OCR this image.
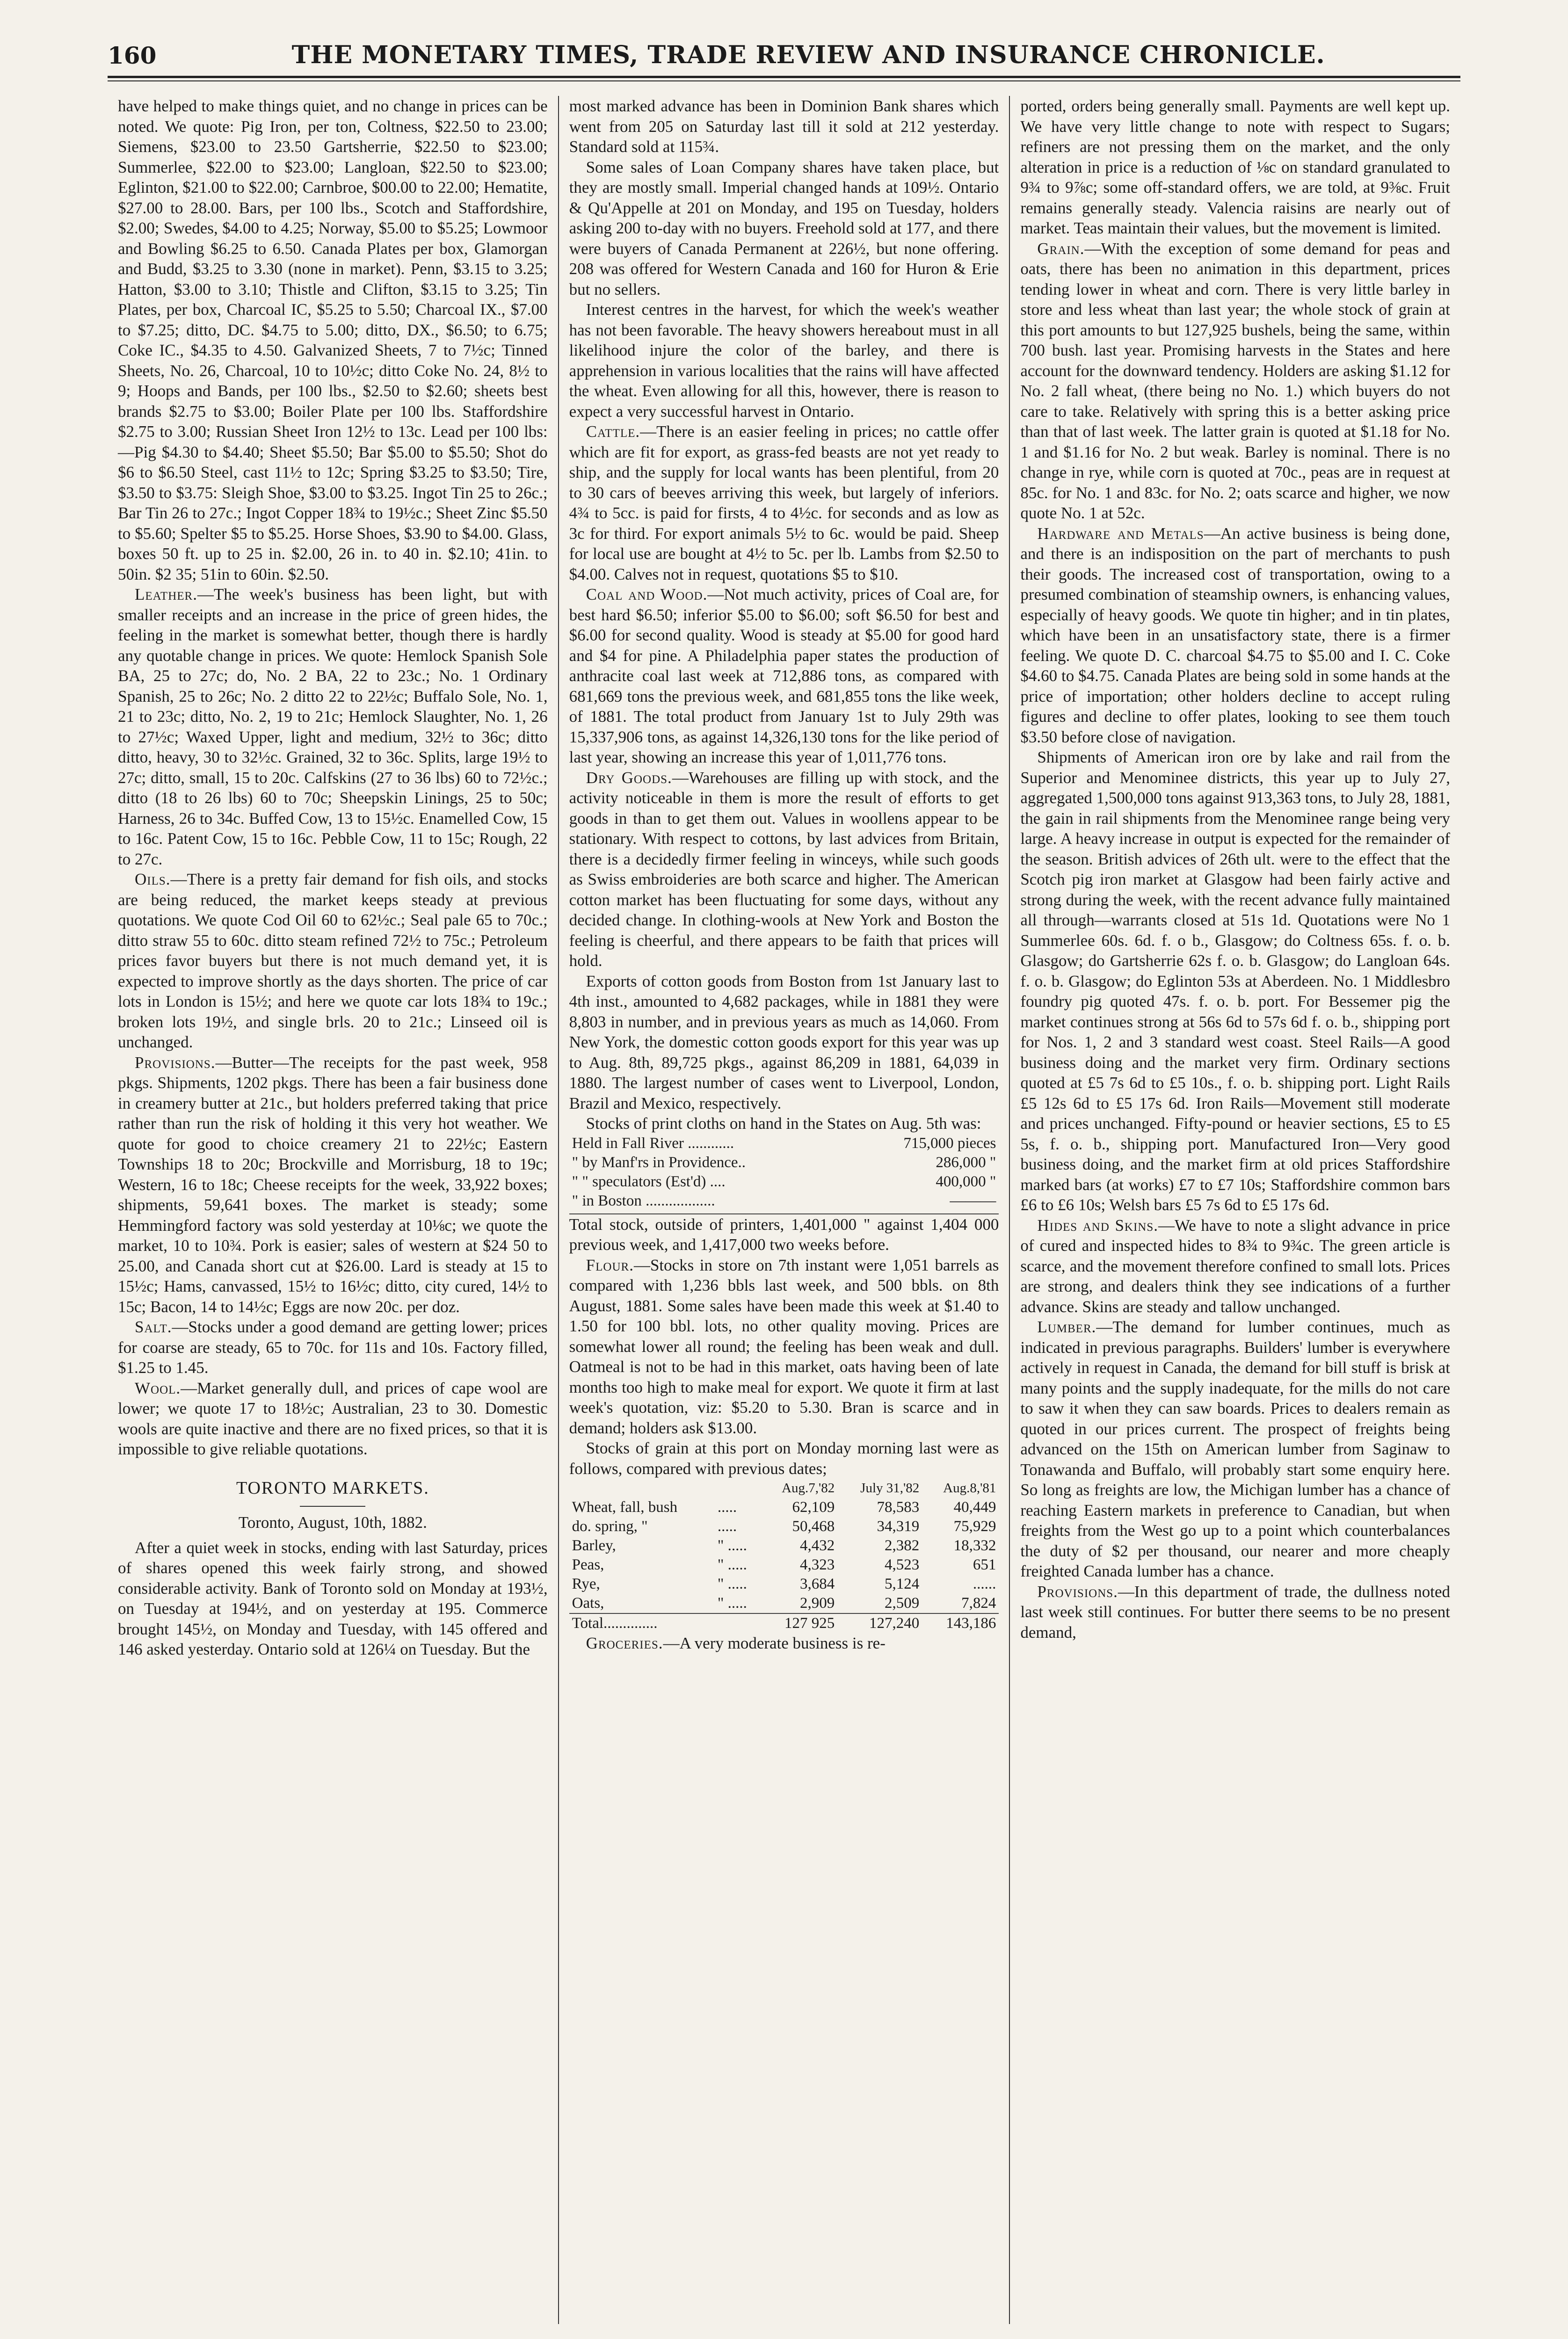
160	THE MONETARY TIMES, TRADE REVIEW AND INSURANCE CHRONICLE.

have helped to make things quiet, and no change in prices can be noted. We quote: Pig Iron, per ton, Coltness, $22.50 to 23.00; Siemens, $23.00 to 23.50 Gartsherrie, $22.50 to $23.00; Summerlee, $22.00 to $23.00; Langloan, $22.50 to $23.00; Eglinton, $21.00 to $22.00; Carnbroe, $00.00 to 22.00; Hematite, $27.00 to 28.00. Bars, per 100 lbs., Scotch and Staffordshire, $2.00; Swedes, $4.00 to 4.25; Norway, $5.00 to $5.25; Lowmoor and Bowling $6.25 to 6.50. Canada Plates per box, Glamorgan and Budd, $3.25 to 3.30 (none in market). Penn, $3.15 to 3.25; Hatton, $3.00 to 3.10; Thistle and Clifton, $3.15 to 3.25; Tin Plates, per box, Charcoal IC, $5.25 to 5.50; Charcoal IX., $7.00 to $7.25; ditto, DC. $4.75 to 5.00; ditto, DX., $6.50; to 6.75; Coke IC., $4.35 to 4.50. Galvanized Sheets, 7 to 7½c; Tinned Sheets, No. 26, Charcoal, 10 to 10½c; ditto Coke No. 24, 8½ to 9; Hoops and Bands, per 100 lbs., $2.50 to $2.60; sheets best brands $2.75 to $3.00; Boiler Plate per 100 lbs. Staffordshire $2.75 to 3.00; Russian Sheet Iron 12½ to 13c. Lead per 100 lbs:—Pig $4.30 to $4.40; Sheet $5.50; Bar $5.00 to $5.50; Shot do $6 to $6.50 Steel, cast 11½ to 12c; Spring $3.25 to $3.50; Tire, $3.50 to $3.75: Sleigh Shoe, $3.00 to $3.25. Ingot Tin 25 to 26c.; Bar Tin 26 to 27c.; Ingot Copper 18¾ to 19½c.; Sheet Zinc $5.50 to $5.60; Spelter $5 to $5.25. Horse Shoes, $3.90 to $4.00. Glass, boxes 50 ft. up to 25 in. $2.00, 26 in. to 40 in. $2.10; 41in. to 50in. $2 35; 51in to 60in. $2.50.

Leather.—The week's business has been light, but with smaller receipts and an increase in the price of green hides, the feeling in the market is somewhat better, though there is hardly any quotable change in prices. We quote: Hemlock Spanish Sole BA, 25 to 27c; do, No. 2 BA, 22 to 23c.; No. 1 Ordinary Spanish, 25 to 26c; No. 2 ditto 22 to 22½c; Buffalo Sole, No. 1, 21 to 23c; ditto, No. 2, 19 to 21c; Hemlock Slaughter, No. 1, 26 to 27½c; Waxed Upper, light and medium, 32½ to 36c; ditto ditto, heavy, 30 to 32½c. Grained, 32 to 36c. Splits, large 19½ to 27c; ditto, small, 15 to 20c. Calfskins (27 to 36 lbs) 60 to 72½c.; ditto (18 to 26 lbs) 60 to 70c; Sheepskin Linings, 25 to 50c; Harness, 26 to 34c. Buffed Cow, 13 to 15½c. Enamelled Cow, 15 to 16c. Patent Cow, 15 to 16c. Pebble Cow, 11 to 15c; Rough, 22 to 27c.

Oils.—There is a pretty fair demand for fish oils, and stocks are being reduced, the market keeps steady at previous quotations. We quote Cod Oil 60 to 62½c.; Seal pale 65 to 70c.; ditto straw 55 to 60c. ditto steam refined 72½ to 75c.; Petroleum prices favor buyers but there is not much demand yet, it is expected to improve shortly as the days shorten. The price of car lots in London is 15½; and here we quote car lots 18¾ to 19c.; broken lots 19½, and single brls. 20 to 21c.; Linseed oil is unchanged.

Provisions.—Butter—The receipts for the past week, 958 pkgs. Shipments, 1202 pkgs. There has been a fair business done in creamery butter at 21c., but holders preferred taking that price rather than run the risk of holding it this very hot weather. We quote for good to choice creamery 21 to 22½c; Eastern Townships 18 to 20c; Brockville and Morrisburg, 18 to 19c; Western, 16 to 18c; Cheese receipts for the week, 33,922 boxes; shipments, 59,641 boxes. The market is steady; some Hemmingford factory was sold yesterday at 10⅛c; we quote the market, 10 to 10¾. Pork is easier; sales of western at $24 50 to 25.00, and Canada short cut at $26.00. Lard is steady at 15 to 15½c; Hams, canvassed, 15½ to 16½c; ditto, city cured, 14½ to 15c; Bacon, 14 to 14½c; Eggs are now 20c. per doz.

Salt.—Stocks under a good demand are getting lower; prices for coarse are steady, 65 to 70c. for 11s and 10s. Factory filled, $1.25 to 1.45.

Wool.—Market generally dull, and prices of cape wool are lower; we quote 17 to 18½c; Australian, 23 to 30. Domestic wools are quite inactive and there are no fixed prices, so that it is impossible to give reliable quotations.

TORONTO MARKETS.
Toronto, August, 10th, 1882.

After a quiet week in stocks, ending with last Saturday, prices of shares opened this week fairly strong, and showed considerable activity. Bank of Toronto sold on Monday at 193½, on Tuesday at 194½, and on yesterday at 195. Commerce brought 145½, on Monday and Tuesday, with 145 offered and 146 asked yesterday. Ontario sold at 126¼ on Tuesday. But the

most marked advance has been in Dominion Bank shares which went from 205 on Saturday last till it sold at 212 yesterday. Standard sold at 115¾.

Some sales of Loan Company shares have taken place, but they are mostly small. Imperial changed hands at 109½. Ontario & Qu'Appelle at 201 on Monday, and 195 on Tuesday, holders asking 200 to-day with no buyers. Freehold sold at 177, and there were buyers of Canada Permanent at 226½, but none offering. 208 was offered for Western Canada and 160 for Huron & Erie but no sellers.

Interest centres in the harvest, for which the week's weather has not been favorable. The heavy showers hereabout must in all likelihood injure the color of the barley, and there is apprehension in various localities that the rains will have affected the wheat. Even allowing for all this, however, there is reason to expect a very successful harvest in Ontario.

Cattle.—There is an easier feeling in prices; no cattle offer which are fit for export, as grass-fed beasts are not yet ready to ship, and the supply for local wants has been plentiful, from 20 to 30 cars of beeves arriving this week, but largely of inferiors. 4¾ to 5cc. is paid for firsts, 4 to 4½c. for seconds and as low as 3c for third. For export animals 5½ to 6c. would be paid. Sheep for local use are bought at 4½ to 5c. per lb. Lambs from $2.50 to $4.00. Calves not in request, quotations $5 to $10.

Coal and Wood.—Not much activity, prices of Coal are, for best hard $6.50; inferior $5.00 to $6.00; soft $6.50 for best and $6.00 for second quality. Wood is steady at $5.00 for good hard and $4 for pine. A Philadelphia paper states the production of anthracite coal last week at 712,886 tons, as compared with 681,669 tons the previous week, and 681,855 tons the like week, of 1881. The total product from January 1st to July 29th was 15,337,906 tons, as against 14,326,130 tons for the like period of last year, showing an increase this year of 1,011,776 tons.

Dry Goods.—Warehouses are filling up with stock, and the activity noticeable in them is more the result of efforts to get goods in than to get them out. Values in woollens appear to be stationary. With respect to cottons, by last advices from Britain, there is a decidedly firmer feeling in winceys, while such goods as Swiss embroideries are both scarce and higher. The American cotton market has been fluctuating for some days, without any decided change. In clothing-wools at New York and Boston the feeling is cheerful, and there appears to be faith that prices will hold.

Exports of cotton goods from Boston from 1st January last to 4th inst., amounted to 4,682 packages, while in 1881 they were 8,803 in number, and in previous years as much as 14,060. From New York, the domestic cotton goods export for this year was up to Aug. 8th, 89,725 pkgs., against 86,209 in 1881, 64,039 in 1880. The largest number of cases went to Liverpool, London, Brazil and Mexico, respectively.

Stocks of print cloths on hand in the States on Aug. 5th was:

Held in Fall River ............	715,000 pieces
" by Manf'rs in Providence..	286,000 "
" " speculators (Est'd) ....	400,000 "
" in Boston ..................	———

Total stock, outside of printers, 1,401,000 " against 1,404 000 previous week, and 1,417,000 two weeks before.

Flour.—Stocks in store on 7th instant were 1,051 barrels as compared with 1,236 bbls last week, and 500 bbls. on 8th August, 1881. Some sales have been made this week at $1.40 to 1.50 for 100 bbl. lots, no other quality moving. Prices are somewhat lower all round; the feeling has been weak and dull. Oatmeal is not to be had in this market, oats having been of late months too high to make meal for export. We quote it firm at last week's quotation, viz: $5.20 to 5.30. Bran is scarce and in demand; holders ask $13.00.

Stocks of grain at this port on Monday morning last were as follows, compared with previous dates;

		Aug.7,'82	July 31,'82	Aug.8,'81
Wheat, fall, bush	.....	62,109	78,583	40,449
do. spring, "	.....	50,468	34,319	75,929
Barley,	" .....	4,432	2,382	18,332
Peas,	" .....	4,323	4,523	651
Rye,	" .....	3,684	5,124	......
Oats,	" .....	2,909	2,509	7,824
Total..............		127 925	127,240	143,186

Groceries.—A very moderate business is re-

ported, orders being generally small. Payments are well kept up. We have very little change to note with respect to Sugars; refiners are not pressing them on the market, and the only alteration in price is a reduction of ⅛c on standard granulated to 9¾ to 9⅞c; some off-standard offers, we are told, at 9⅜c. Fruit remains generally steady. Valencia raisins are nearly out of market. Teas maintain their values, but the movement is limited.

Grain.—With the exception of some demand for peas and oats, there has been no animation in this department, prices tending lower in wheat and corn. There is very little barley in store and less wheat than last year; the whole stock of grain at this port amounts to but 127,925 bushels, being the same, within 700 bush. last year. Promising harvests in the States and here account for the downward tendency. Holders are asking $1.12 for No. 2 fall wheat, (there being no No. 1.) which buyers do not care to take. Relatively with spring this is a better asking price than that of last week. The latter grain is quoted at $1.18 for No. 1 and $1.16 for No. 2 but weak. Barley is nominal. There is no change in rye, while corn is quoted at 70c., peas are in request at 85c. for No. 1 and 83c. for No. 2; oats scarce and higher, we now quote No. 1 at 52c.

Hardware and Metals—An active business is being done, and there is an indisposition on the part of merchants to push their goods. The increased cost of transportation, owing to a presumed combination of steamship owners, is enhancing values, especially of heavy goods. We quote tin higher; and in tin plates, which have been in an unsatisfactory state, there is a firmer feeling. We quote D. C. charcoal $4.75 to $5.00 and I. C. Coke $4.60 to $4.75. Canada Plates are being sold in some hands at the price of importation; other holders decline to accept ruling figures and decline to offer plates, looking to see them touch $3.50 before close of navigation.

Shipments of American iron ore by lake and rail from the Superior and Menominee districts, this year up to July 27, aggregated 1,500,000 tons against 913,363 tons, to July 28, 1881, the gain in rail shipments from the Menominee range being very large. A heavy increase in output is expected for the remainder of the season. British advices of 26th ult. were to the effect that the Scotch pig iron market at Glasgow had been fairly active and strong during the week, with the recent advance fully maintained all through—warrants closed at 51s 1d. Quotations were No 1 Summerlee 60s. 6d. f. o b., Glasgow; do Coltness 65s. f. o. b. Glasgow; do Gartsherrie 62s f. o. b. Glasgow; do Langloan 64s. f. o. b. Glasgow; do Eglinton 53s at Aberdeen. No. 1 Middlesbro foundry pig quoted 47s. f. o. b. port. For Bessemer pig the market continues strong at 56s 6d to 57s 6d f. o. b., shipping port for Nos. 1, 2 and 3 standard west coast. Steel Rails—A good business doing and the market very firm. Ordinary sections quoted at £5 7s 6d to £5 10s., f. o. b. shipping port. Light Rails £5 12s 6d to £5 17s 6d. Iron Rails—Movement still moderate and prices unchanged. Fifty-pound or heavier sections, £5 to £5 5s, f. o. b., shipping port. Manufactured Iron—Very good business doing, and the market firm at old prices Staffordshire marked bars (at works) £7 to £7 10s; Staffordshire common bars £6 to £6 10s; Welsh bars £5 7s 6d to £5 17s 6d.

Hides and Skins.—We have to note a slight advance in price of cured and inspected hides to 8¾ to 9¾c. The green article is scarce, and the movement therefore confined to small lots. Prices are strong, and dealers think they see indications of a further advance. Skins are steady and tallow unchanged.

Lumber.—The demand for lumber continues, much as indicated in previous paragraphs. Builders' lumber is everywhere actively in request in Canada, the demand for bill stuff is brisk at many points and the supply inadequate, for the mills do not care to saw it when they can saw boards. Prices to dealers remain as quoted in our prices current. The prospect of freights being advanced on the 15th on American lumber from Saginaw to Tonawanda and Buffalo, will probably start some enquiry here. So long as freights are low, the Michigan lumber has a chance of reaching Eastern markets in preference to Canadian, but when freights from the West go up to a point which counterbalances the duty of $2 per thousand, our nearer and more cheaply freighted Canada lumber has a chance.

Provisions.—In this department of trade, the dullness noted last week still continues. For butter there seems to be no present demand,
